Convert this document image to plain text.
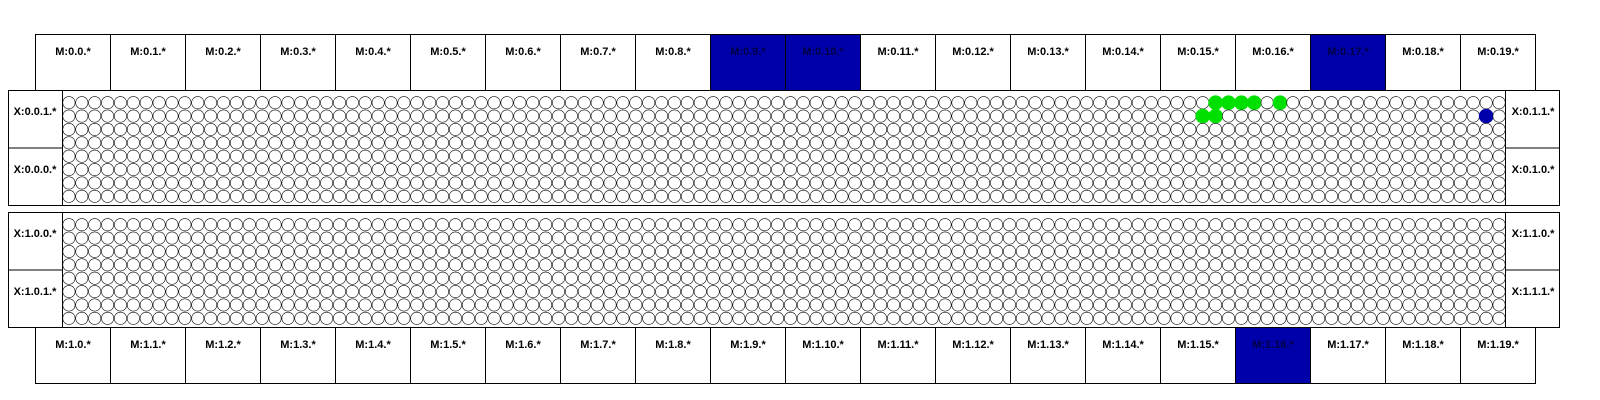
M:0.0.*	M:0.1.*	M:0.2.*	M:0.3.*	M:0.4.*	M:0.5.*	M:0.6.*	M:0.7.*	M:0.8.*	M:0.9.*	M:0.10.*	M:0.11.*	M:0.12.*	M:0.13.*	M:0.14.*	M:0.15.*	M:0.16.*	M:0.17.*	M:0.18.*	M:0.19.*
M:1.0.*	M:1.1.*	M:1.2.*	M:1.3.*	M:1.4.*	M:1.5.*	M:1.6.*	M:1.7.*	M:1.8.*	M:1.9.*	M:1.10.*	M:1.11.*	M:1.12.*	M:1.13.*	M:1.14.*	M:1.15.*	M:1.16.*	M:1.17.*	M:1.18.*	M:1.19.*
X:0.0.1.*
X:0.0.0.*
X:0.1.1.*
X:0.1.0.*
X:1.0.0.*
X:1.0.1.*
X:1.1.0.*
X:1.1.1.*
